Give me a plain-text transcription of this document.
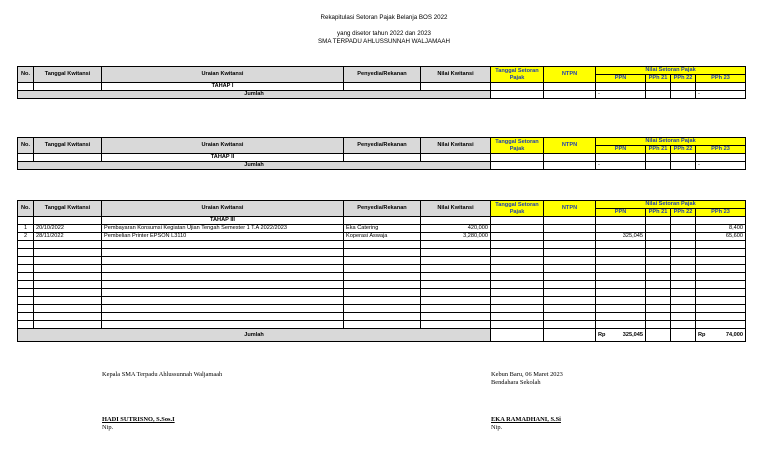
Rekapitulasi Setoran Pajak Belanja BOS 2022
yang disetor tahun 2022 dan 2023
SMA TERPADU AHLUSSUNNAH WALJAMAAH
No.	Tanggal Kwitansi	Uraian Kwitansi	Penyedia/Rekanan	Nilai Kwitansi	Tanggal Setoran Pajak	NTPN	Nilai Setoran Pajak			
							PPN	PPh 21	PPh 22	PPh 23
		TAHAP I								
Jumlah							-			-
No.	Tanggal Kwitansi	Uraian Kwitansi	Penyedia/Rekanan	Nilai Kwitansi	Tanggal Setoran Pajak	NTPN	Nilai Setoran Pajak			
							PPN	PPh 21	PPh 22	PPh 23
		TAHAP II								
Jumlah							-			-
No.	Tanggal Kwitansi	Uraian Kwitansi	Penyedia/Rekanan	Nilai Kwitansi	Tanggal Setoran Pajak	NTPN	Nilai Setoran Pajak			
							PPN	PPh 21	PPh 22	PPh 23
		TAHAP III								
1	20/10/2022	Pembayaran Konsumsi Kegiatan Ujian Tengah Semester 1 T.A 2022/2023	Eka Catering	420,000						8,400
2	28/11/2022	Pembelian Printer EPSON L3110	Koperasi Aswaja	3,280,000			325,045			65,600

Jumlah							Rp 325,045			Rp 74,000
Kepala SMA Terpadu Ahlussunnah Waljamaah
HADI SUTRISNO, S.Sos.I
Nip.
Kebun Baru, 06 Maret 2023
Bendahara Sekolah
EKA RAMADHANI, S.Si
Nip.
